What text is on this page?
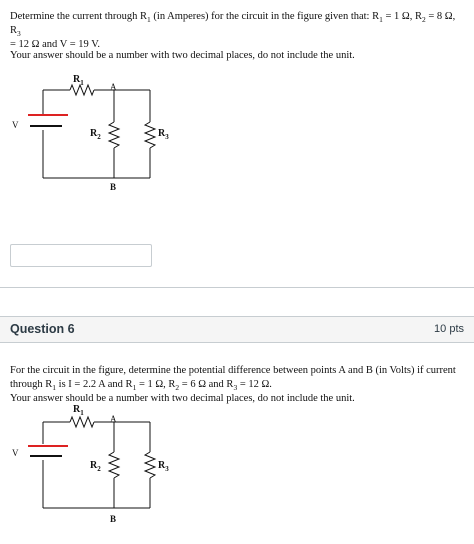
Determine the current through $R_1$ (in Amperes) for the circuit in the figure given that: $R_1 = 1$ Ω, $R_2 = 8$ Ω, $R_3$
= 12 Ω and V = 19 V.
Your answer should be a number with two decimal places, do not include the unit.
$R_1$	A
V
$R_2$	$R_3$
B
Question 6	10 pts
For the circuit in the figure, determine the potential difference between points A and B (in Volts) if current
through $R_1$ is I = 2.2 A and $R_1 = 1$ Ω, $R_2 = 6$ Ω and $R_3 = 12$ Ω.
Your answer should be a number with two decimal places, do not include the unit.
$R_1$
A
V
$R_2$	$R_3$
B
